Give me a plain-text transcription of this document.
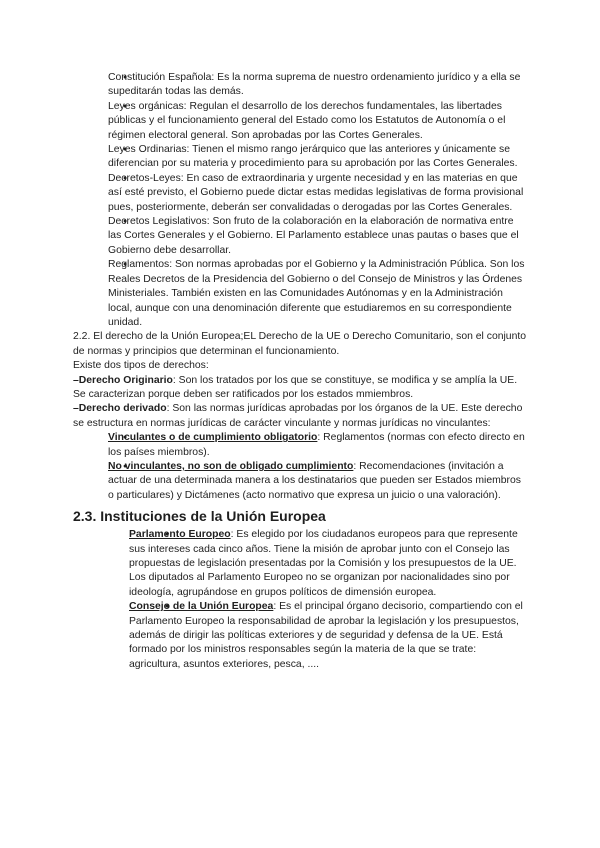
● Constitución Española: Es la norma suprema de nuestro ordenamiento jurídico y a ella se supeditarán todas las demás.
● Leyes orgánicas: Regulan el desarrollo de los derechos fundamentales, las libertades públicas y el funcionamiento general del Estado como los Estatutos de Autonomía o el régimen electoral general. Son aprobadas por las Cortes Generales.
● Leyes Ordinarias: Tienen el mismo rango jerárquico que las anteriores y únicamente se diferencian por su materia y procedimiento para su aprobación por las Cortes Generales.
● Decretos-Leyes: En caso de extraordinaria y urgente necesidad y en las materias en que así esté previsto, el Gobierno puede dictar estas medidas legislativas de forma provisional pues, posteriormente, deberán ser convalidadas o derogadas por las Cortes Generales.
● Decretos Legislativos: Son fruto de la colaboración en la elaboración de normativa entre las Cortes Generales y el Gobierno. El Parlamento establece unas pautas o bases que el Gobierno debe desarrollar.
● Reglamentos: Son normas aprobadas por el Gobierno y la Administración Pública. Son los Reales Decretos de la Presidencia del Gobierno o del Consejo de Ministros y las Órdenes Ministeriales. También existen en las Comunidades Autónomas y en la Administración local, aunque con una denominación diferente que estudiaremos en su correspondiente unidad.

2.2. El derecho de la Unión Europea;EL Derecho de la UE o Derecho Comunitario, son el conjunto de normas y principios que determinan el funcionamiento.

Existe dos tipos de derechos:

–Derecho Originario: Son los tratados por los que se constituye, se modifica y se amplía la UE. Se caracterizan porque deben ser ratificados por los estados mmiembros.

–Derecho derivado: Son las normas jurídicas aprobadas por los órganos de la UE. Este derecho se estructura en normas jurídicas de carácter vinculante y normas jurídicas no vinculantes:

● Vinculantes o de cumplimiento obligatorio: Reglamentos (normas con efecto directo en los países miembros).
● No vinculantes, no son de obligado cumplimiento: Recomendaciones (invitación a actuar de una determinada manera a los destinatarios que pueden ser Estados miembros o particulares) y Dictámenes (acto normativo que expresa un juicio o una valoración).
2.3. Instituciones de la Unión Europea
● Parlamento Europeo: Es elegido por los ciudadanos europeos para que represente sus intereses cada cinco años. Tiene la misión de aprobar junto con el Consejo las propuestas de legislación presentadas por la Comisión y los presupuestos de la UE. Los diputados al Parlamento Europeo no se organizan por nacionalidades sino por ideología, agrupándose en grupos políticos de dimensión europea.
● Consejo de la Unión Europea: Es el principal órgano decisorio, compartiendo con el Parlamento Europeo la responsabilidad de aprobar la legislación y los presupuestos, además de dirigir las políticas exteriores y de seguridad y defensa de la UE. Está formado por los ministros responsables según la materia de la que se trate: agricultura, asuntos exteriores, pesca, ....
